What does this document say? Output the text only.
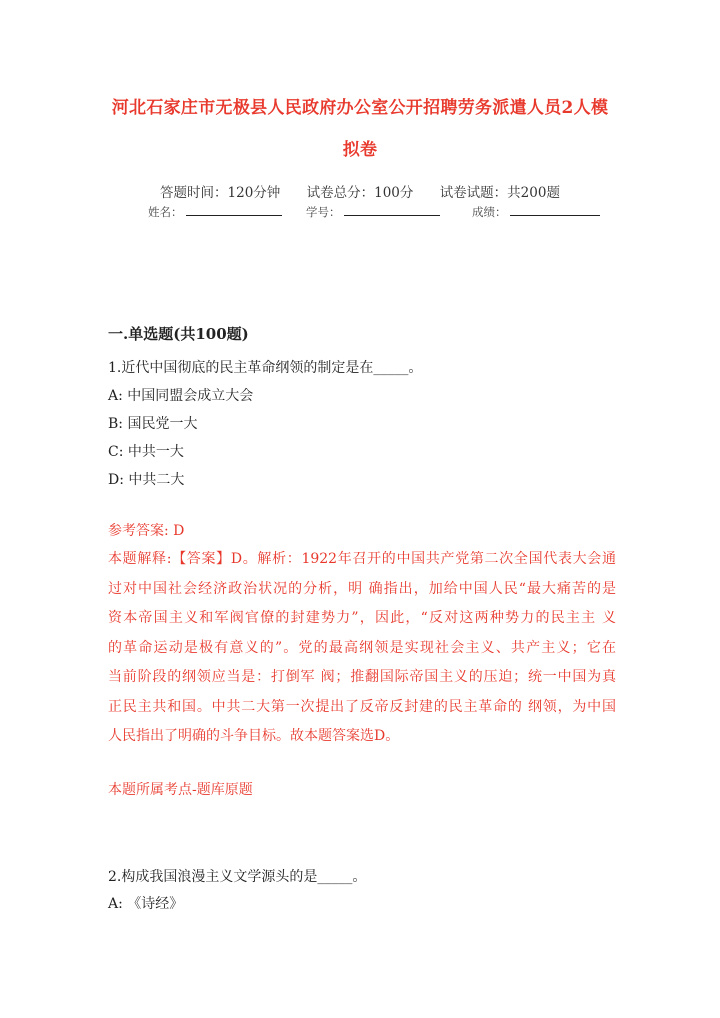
河北石家庄市无极县人民政府办公室公开招聘劳务派遣人员2人模
拟卷
答题时间：120分钟 试卷总分：100分 试卷试题：共200题
姓名：	学号：	成绩：
一.单选题(共100题)
1.近代中国彻底的民主革命纲领的制定是在_____。
A: 中国同盟会成立大会
B: 国民党一大
C: 中共一大
D: 中共二大
参考答案: D
本题解释:【答案】D。解析：1922年召开的中国共产党第二次全国代表大会通
过对中国社会经济政治状况的分析，明 确指出，加给中国人民“最大痛苦的是
资本帝国主义和军阀官僚的封建势力”，因此，“反对这两种势力的民主主 义
的革命运动是极有意义的”。党的最高纲领是实现社会主义、共产主义；它在
当前阶段的纲领应当是：打倒军 阀；推翻国际帝国主义的压迫；统一中国为真
正民主共和国。中共二大第一次提出了反帝反封建的民主革命的 纲领，为中国
人民指出了明确的斗争目标。故本题答案选D。
本题所属考点-题库原题
2.构成我国浪漫主义文学源头的是_____。
A: 《诗经》
